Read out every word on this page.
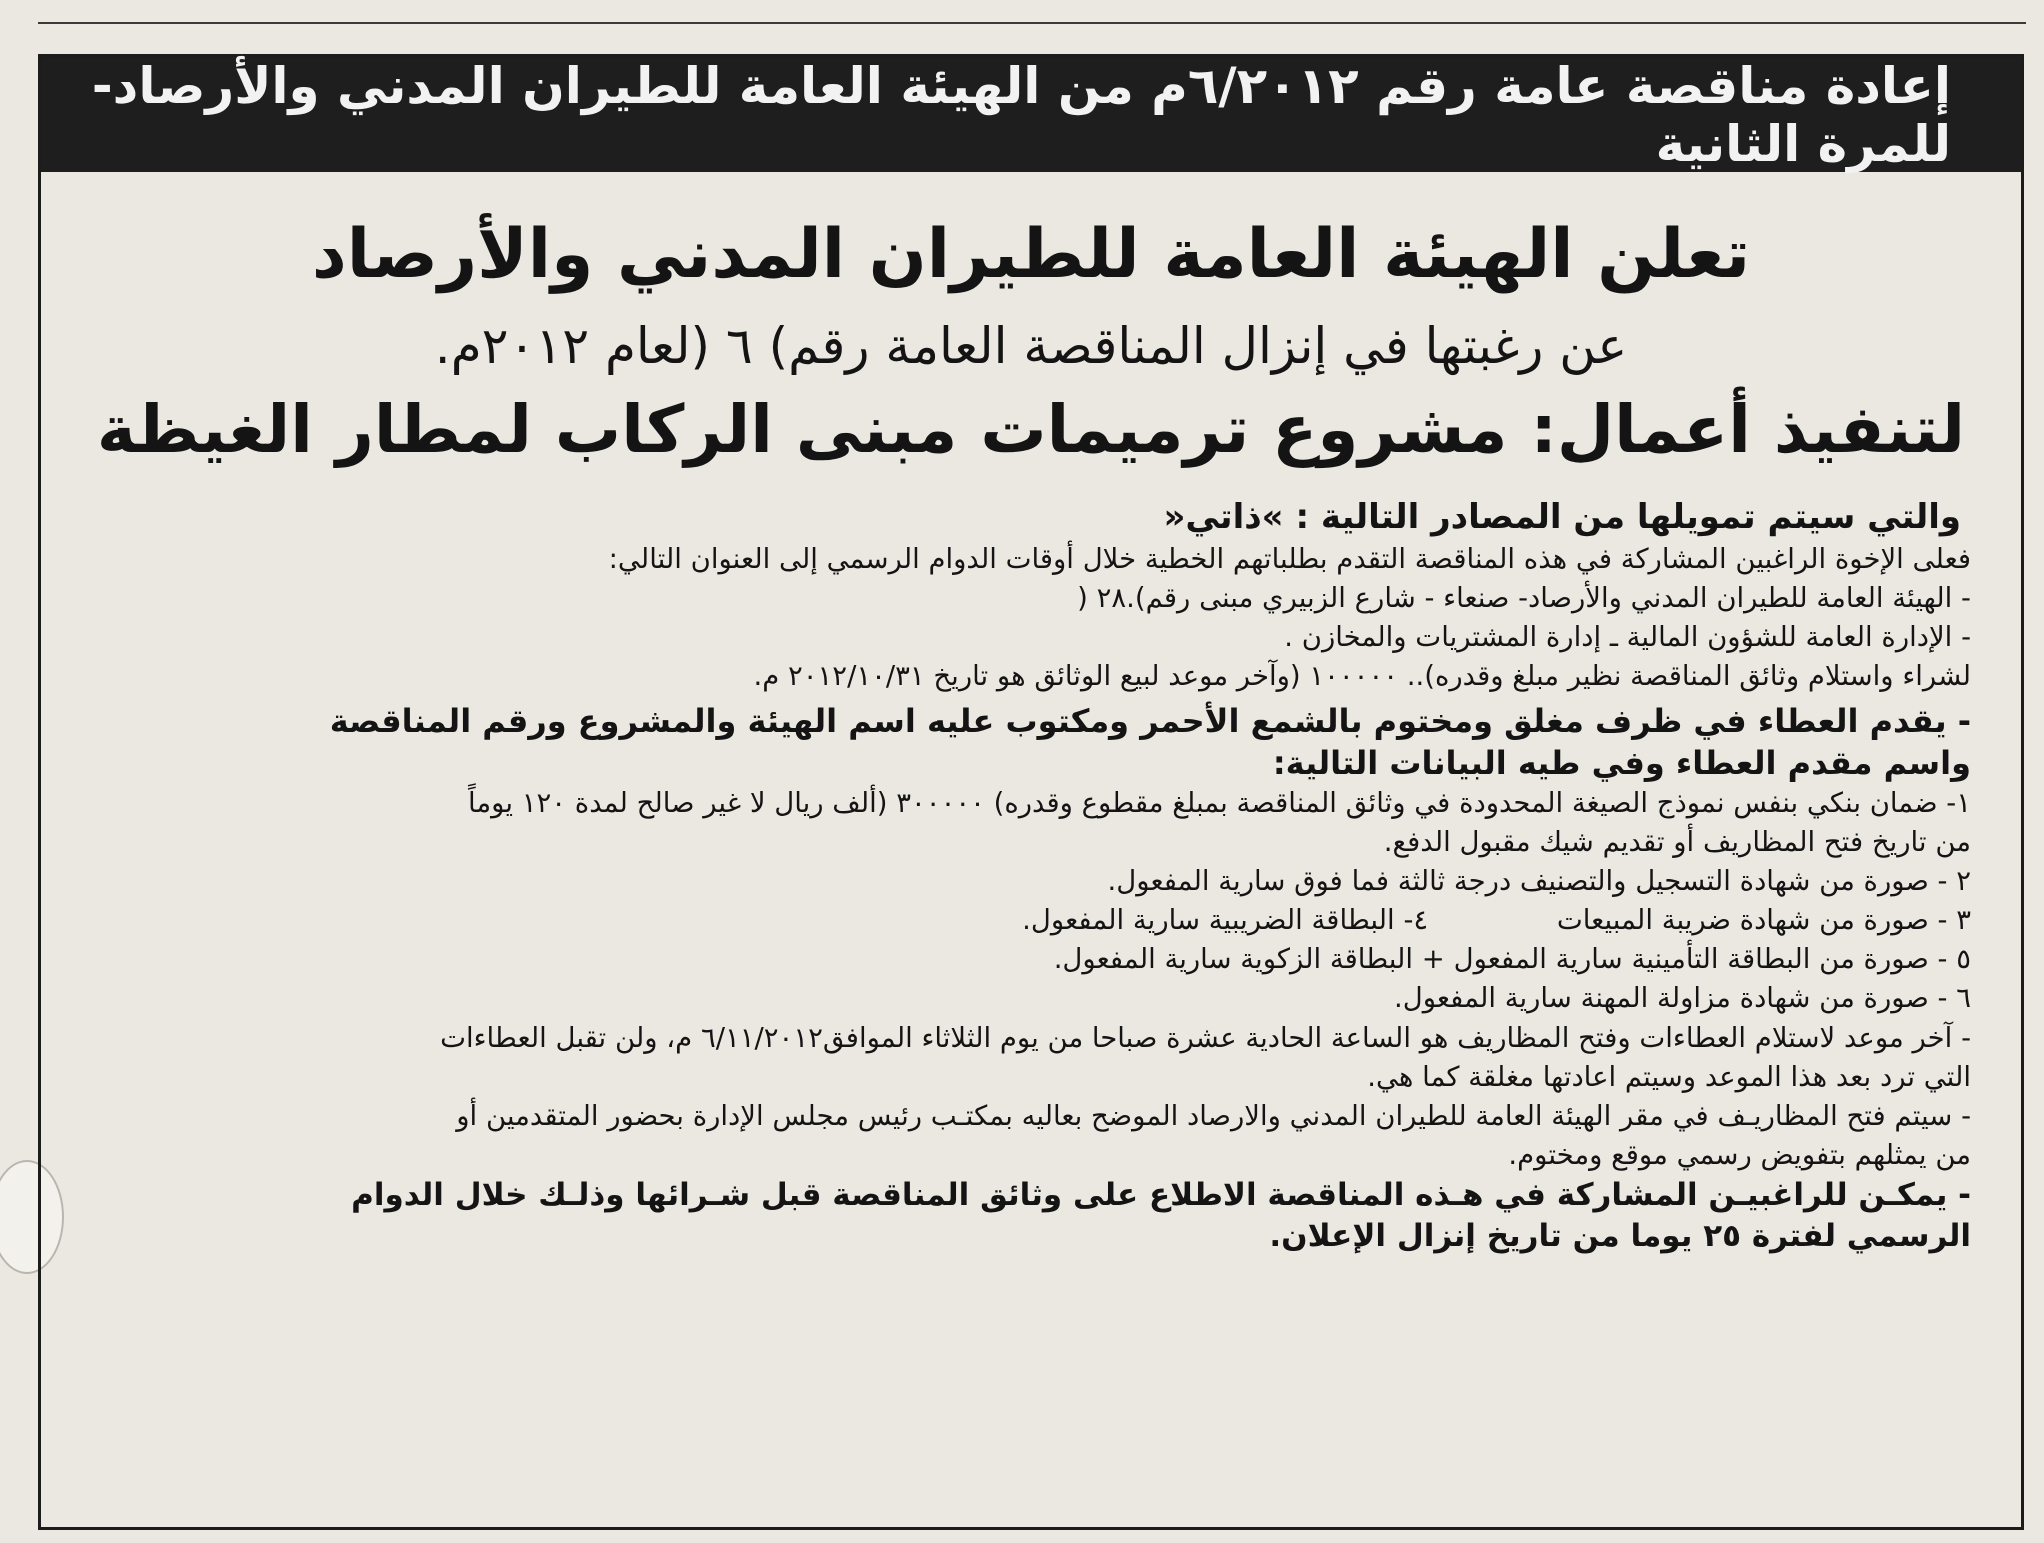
إعادة مناقصة عامة رقم ٦/٢٠١٢م من الهيئة العامة للطيران المدني والأرصاد- للمرة الثانية
تعلن الهيئة العامة للطيران المدني والأرصاد
عن رغبتها في إنزال المناقصة العامة رقم) ٦ (لعام ٢٠١٢م.
لتنفيذ أعمال: مشروع ترميمات مبنى الركاب لمطار الغيظة
والتي سيتم تمويلها من المصادر التالية : »ذاتي«
فعلى الإخوة الراغبين المشاركة في هذه المناقصة التقدم بطلباتهم الخطية خلال أوقات الدوام الرسمي إلى العنوان التالي:
- الهيئة العامة للطيران المدني والأرصاد- صنعاء - شارع الزبيري مبنى رقم).٢٨ (
- الإدارة العامة للشؤون المالية ـ إدارة المشتريات والمخازن .
لشراء واستلام وثائق المناقصة نظير مبلغ وقدره).. ١٠٠٠٠٠ (وآخر موعد لبيع الوثائق هو تاريخ ٢٠١٢/١٠/٣١ م.
- يقدم العطاء في ظرف مغلق ومختوم بالشمع الأحمر ومكتوب عليه اسم الهيئة والمشروع ورقم المناقصة
واسم مقدم العطاء وفي طيه البيانات التالية:
١- ضمان بنكي بنفس نموذج الصيغة المحدودة في وثائق المناقصة بمبلغ مقطوع وقدره) ٣٠٠٠٠٠ (ألف ريال لا غير صالح لمدة ١٢٠ يوماً
من تاريخ فتح المظاريف أو تقديم شيك مقبول الدفع.
٢ - صورة من شهادة التسجيل والتصنيف درجة ثالثة فما فوق سارية المفعول.
٣ - صورة من شهادة ضريبة المبيعات ٤- البطاقة الضريبية سارية المفعول.
٥ - صورة من البطاقة التأمينية سارية المفعول + البطاقة الزكوية سارية المفعول.
٦ - صورة من شهادة مزاولة المهنة سارية المفعول.
- آخر موعد لاستلام العطاءات وفتح المظاريف هو الساعة الحادية عشرة صباحا من يوم الثلاثاء الموافق٦/١١/٢٠١٢ م، ولن تقبل العطاءات
التي ترد بعد هذا الموعد وسيتم اعادتها مغلقة كما هي.
- سيتم فتح المظاريـف في مقر الهيئة العامة للطيران المدني والارصاد الموضح بعاليه بمكتـب رئيس مجلس الإدارة بحضور المتقدمين أو
من يمثلهم بتفويض رسمي موقع ومختوم.
- يمكـن للراغبيـن المشاركة في هـذه المناقصة الاطلاع على وثائق المناقصة قبل شـرائها وذلـك خلال الدوام
الرسمي لفترة ٢٥ يوما من تاريخ إنزال الإعلان.
